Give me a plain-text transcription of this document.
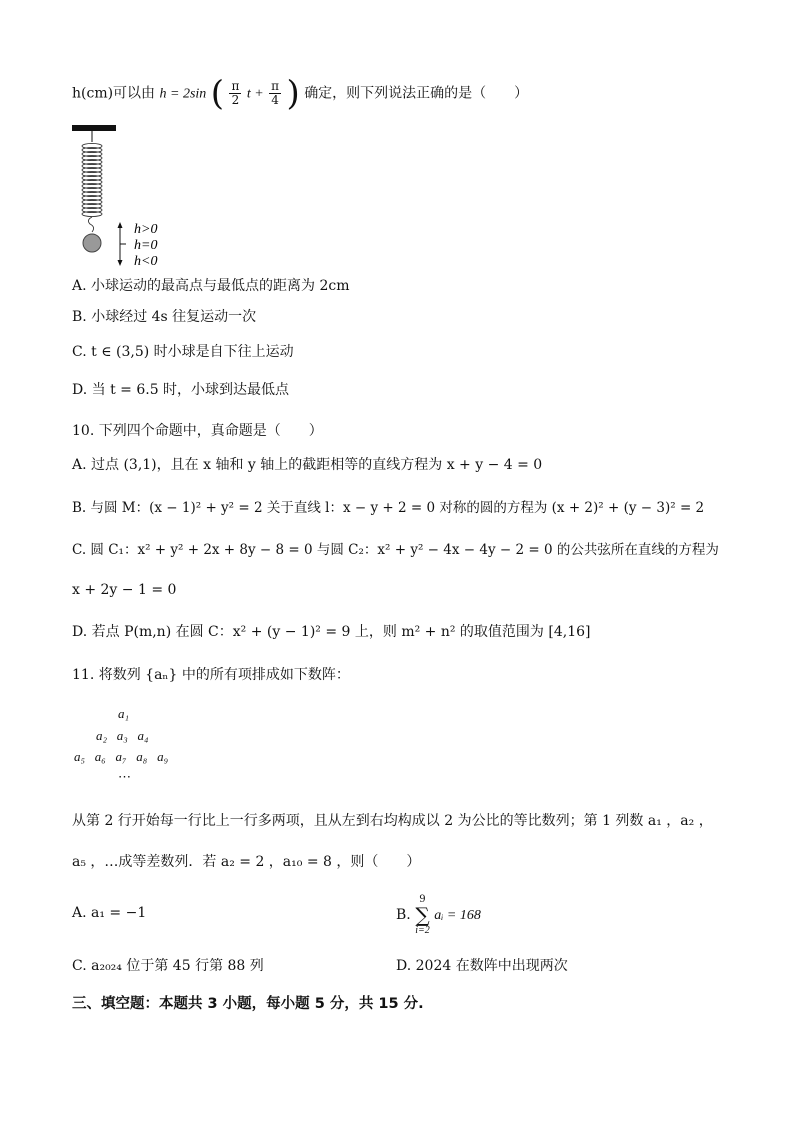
h(cm)可以由 h = 2sin ( $\frac{\pi}{2}$ $t + \frac{\pi}{4}$ ) 确定，则下列说法正确的是（　　）
h>0
h=0
h<0
A. 小球运动的最高点与最低点的距离为 2cm
B. 小球经过 4s 往复运动一次
C. t ∈ (3,5) 时小球是自下往上运动
D. 当 t = 6.5 时，小球到达最低点
10. 下列四个命题中，真命题是（　　）
A. 过点 (3,1)，且在 x 轴和 y 轴上的截距相等的直线方程为 x + y − 4 = 0
B. 与圆 M：(x − 1)² + y² = 2 关于直线 l：x − y + 2 = 0 对称的圆的方程为 (x + 2)² + (y − 3)² = 2
C. 圆 C₁：x² + y² + 2x + 8y − 8 = 0 与圆 C₂：x² + y² − 4x − 4y − 2 = 0 的公共弦所在直线的方程为
x + 2y − 1 = 0
D. 若点 P(m,n) 在圆 C：x² + (y − 1)² = 9 上，则 m² + n² 的取值范围为 [4,16]
11. 将数列 {aₙ} 中的所有项排成如下数阵：
a₁
a₂   a₃   a₄
a₅   a₆   a₇   a₈   a₉
⋯
从第 2 行开始每一行比上一行多两项，且从左到右均构成以 2 为公比的等比数列；第 1 列数 a₁ ，a₂ ，
a₅ ，…成等差数列．若 a₂ = 2 ，a₁₀ = 8 ，则（　　）
A. a₁ = −1	B.
9
∑
i=2
aᵢ = 168
C. a₂₀₂₄ 位于第 45 行第 88 列	D. 2024 在数阵中出现两次
三、填空题：本题共 3 小题，每小题 5 分，共 15 分.
